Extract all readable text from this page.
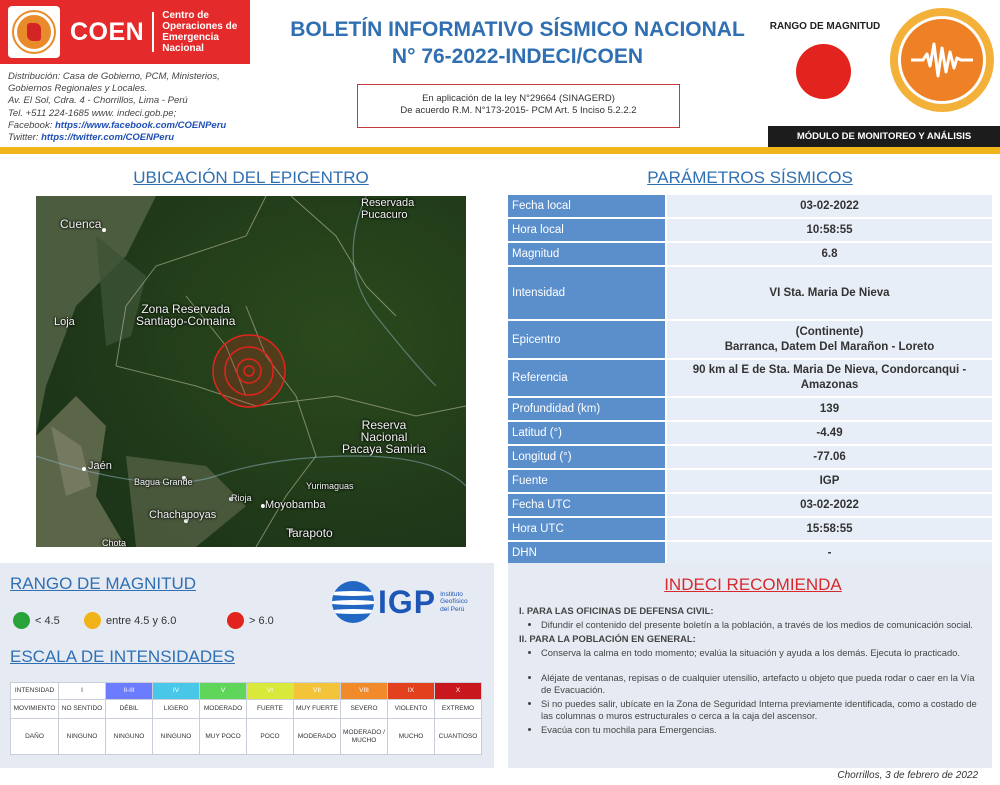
COEN
Centro de
Operaciones de
Emergencia
Nacional
Distribución: Casa de Gobierno, PCM, Ministerios,
Gobiernos Regionales y Locales.
Av. El Sol, Cdra. 4 - Chorrillos, Lima - Perú
Tel. +511 224-1685 www. indeci.gob.pe;
Facebook: https://www.facebook.com/COENPeru
Twitter: https://twitter.com/COENPeru
BOLETÍN INFORMATIVO SÍSMICO NACIONAL
N° 76-2022-INDECI/COEN
En aplicación de la ley N°29664 (SINAGERD)
De acuerdo R.M. N°173-2015- PCM Art. 5 Inciso 5.2.2.2
RANGO DE MAGNITUD
MÓDULO DE MONITOREO Y ANÁLISIS
UBICACIÓN DEL EPICENTRO
Cuenca
Reservada
Pucacuro
Zona Reservada
Santiago-Comaina
Loja
Reserva
Nacional
Pacaya Samiria
Jaén
Bagua Grande	Yurimaguas
Rioja
Moyobamba
Chachapoyas
Tarapoto
Chota
PARÁMETROS SÍSMICOS
Fecha local	03-02-2022
Hora local	10:58:55
Magnitud	6.8
Intensidad	VI Sta. Maria De Nieva
Epicentro	(Continente)
Barranca, Datem Del Marañon - Loreto

Referencia	90 km al E de Sta. Maria De Nieva, Condorcanqui -
Amazonas

Profundidad (km)	139
Latitud (°)	-4.49
Longitud (°)	-77.06
Fuente	IGP
Fecha UTC	03-02-2022
Hora UTC	15:58:55
DHN	-
RANGO DE MAGNITUD
< 4.5	entre 4.5 y 6.0	> 6.0
IGP Instituto
Geofísico
del Perú
ESCALA DE INTENSIDADES
INTENSIDAD	I	II-III	IV	V	VI	VII	VIII	IX	X
MOVIMIENTO	NO SENTIDO	DÉBIL	LIGERO	MODERADO	FUERTE	MUY FUERTE	SEVERO	VIOLENTO	EXTREMO
DAÑO	NINGUNO	NINGUNO	NINGUNO	MUY POCO	POCO	MODERADO	MODERADO / MUCHO	MUCHO	CUANTIOSO
INDECI RECOMIENDA
I. PARA LAS OFICINAS DE DEFENSA CIVIL:
• Difundir el contenido del presente boletín a la población, a través de los medios de comunicación social.
II. PARA LA POBLACIÓN EN GENERAL:
• Conserva la calma en todo momento; evalúa la situación y ayuda a los demás. Ejecuta lo practicado.
• Aléjate de ventanas, repisas o de cualquier utensilio, artefacto u objeto que pueda rodar o caer en la Vía de Evacuación.
• Si no puedes salir, ubícate en la Zona de Seguridad Interna previamente identificada, como a costado de las columnas o muros estructurales o cerca a la caja del ascensor.
• Evacúa con tu mochila para Emergencias.
Chorrillos, 3 de febrero de 2022
